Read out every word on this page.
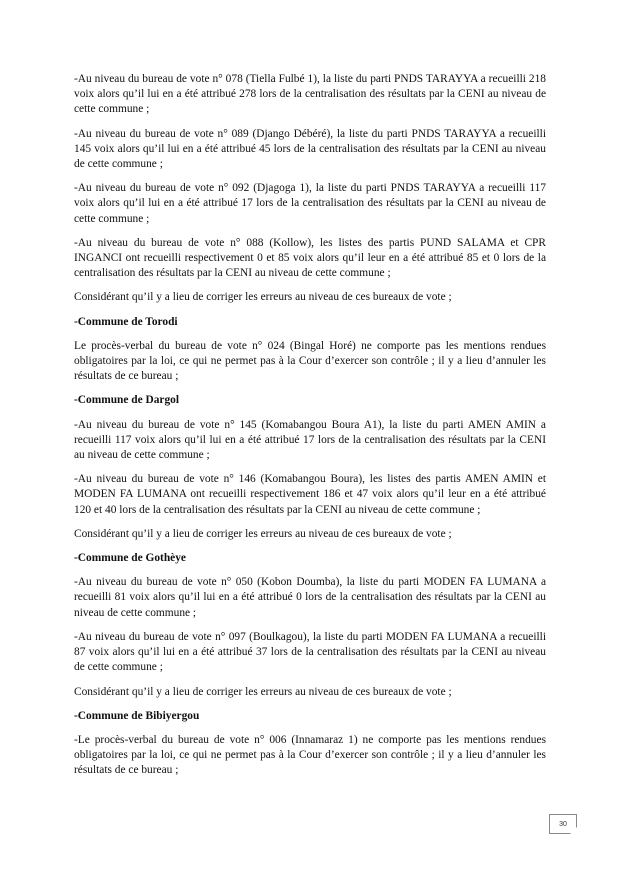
-Au niveau du bureau de vote n° 078 (Tiella Fulbé 1), la liste du parti PNDS TARAYYA a recueilli 218 voix alors qu’il lui en a été attribué 278 lors de la centralisation des résultats par la CENI au niveau de cette commune ;

-Au niveau du bureau de vote n° 089 (Django Débéré), la liste du parti PNDS TARAYYA a recueilli 145 voix alors qu’il lui en a été attribué 45 lors de la centralisation des résultats par la CENI au niveau de cette commune ;

-Au niveau du bureau de vote n° 092 (Djagoga 1), la liste du parti PNDS TARAYYA a recueilli 117 voix alors qu’il lui en a été attribué 17 lors de la centralisation des résultats par la CENI au niveau de cette commune ;

-Au niveau du bureau de vote n° 088 (Kollow), les listes des partis PUND SALAMA et CPR INGANCI ont recueilli respectivement 0 et 85 voix alors qu’il leur en a été attribué 85 et 0 lors de la centralisation des résultats par la CENI au niveau de cette commune ;

Considérant qu’il y a lieu de corriger les erreurs au niveau de ces bureaux de vote ;

-Commune de Torodi

Le procès-verbal du bureau de vote n° 024 (Bingal Horé) ne comporte pas les mentions rendues obligatoires par la loi, ce qui ne permet pas à la Cour d’exercer son contrôle ; il y a lieu d’annuler les résultats de ce bureau ;

-Commune de Dargol

-Au niveau du bureau de vote n° 145 (Komabangou Boura A1), la liste du parti AMEN AMIN a recueilli 117 voix alors qu’il lui en a été attribué 17 lors de la centralisation des résultats par la CENI au niveau de cette commune ;

-Au niveau du bureau de vote n° 146 (Komabangou Boura), les listes des partis AMEN AMIN et MODEN FA LUMANA ont recueilli respectivement 186 et 47 voix alors qu’il leur en a été attribué 120 et 40 lors de la centralisation des résultats par la CENI au niveau de cette commune ;

Considérant qu’il y a lieu de corriger les erreurs au niveau de ces bureaux de vote ;

-Commune de Gothèye

-Au niveau du bureau de vote n° 050 (Kobon Doumba), la liste du parti MODEN FA LUMANA a recueilli 81 voix alors qu’il lui en a été attribué 0 lors de la centralisation des résultats par la CENI au niveau de cette commune ;

-Au niveau du bureau de vote n° 097 (Boulkagou), la liste du parti MODEN FA LUMANA a recueilli 87 voix alors qu’il lui en a été attribué 37 lors de la centralisation des résultats par la CENI au niveau de cette commune ;

Considérant qu’il y a lieu de corriger les erreurs au niveau de ces bureaux de vote ;

-Commune de Bibiyergou

-Le procès-verbal du bureau de vote n° 006 (Innamaraz 1) ne comporte pas les mentions rendues obligatoires par la loi, ce qui ne permet pas à la Cour d’exercer son contrôle ; il y a lieu d’annuler les résultats de ce bureau ;

30
